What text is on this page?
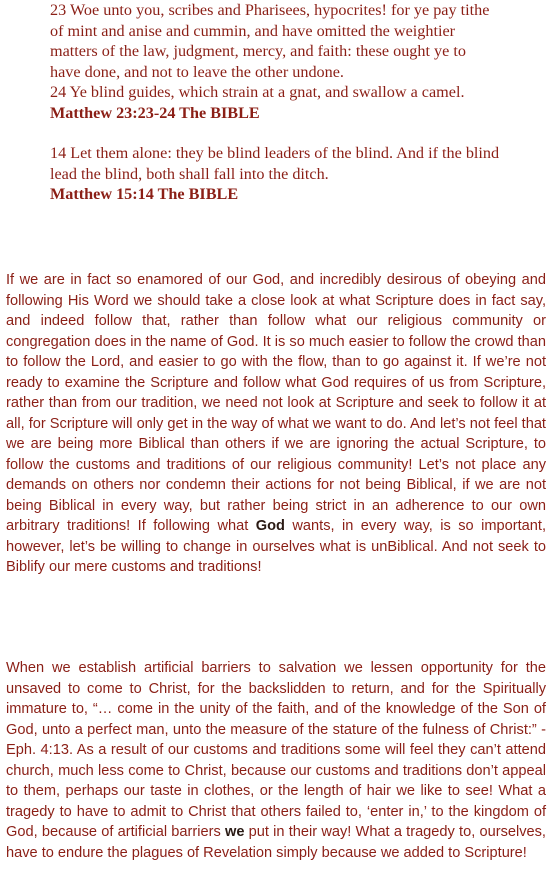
23 Woe unto you, scribes and Pharisees, hypocrites! for ye pay tithe of mint and anise and cummin, and have omitted the weightier matters of the law, judgment, mercy, and faith: these ought ye to have done, and not to leave the other undone.

24 Ye blind guides, which strain at a gnat, and swallow a camel.

Matthew 23:23-24 The BIBLE

14 Let them alone: they be blind leaders of the blind. And if the blind lead the blind, both shall fall into the ditch.

Matthew 15:14 The BIBLE

If we are in fact so enamored of our God, and incredibly desirous of obeying and following His Word we should take a close look at what Scripture does in fact say, and indeed follow that, rather than follow what our religious community or congregation does in the name of God. It is so much easier to follow the crowd than to follow the Lord, and easier to go with the flow, than to go against it. If we’re not ready to examine the Scripture and follow what God requires of us from Scripture, rather than from our tradition, we need not look at Scripture and seek to follow it at all, for Scripture will only get in the way of what we want to do. And let’s not feel that we are being more Biblical than others if we are ignoring the actual Scripture, to follow the customs and traditions of our religious community! Let’s not place any demands on others nor condemn their actions for not being Biblical, if we are not being Biblical in every way, but rather being strict in an adherence to our own arbitrary traditions! If following what God wants, in every way, is so important, however, let’s be willing to change in ourselves what is unBiblical. And not seek to Biblify our mere customs and traditions!

When we establish artificial barriers to salvation we lessen opportunity for the unsaved to come to Christ, for the backslidden to return, and for the Spiritually immature to, “… come in the unity of the faith, and of the knowledge of the Son of God, unto a perfect man, unto the measure of the stature of the fulness of Christ:” - Eph. 4:13. As a result of our customs and traditions some will feel they can’t attend church, much less come to Christ, because our customs and traditions don’t appeal to them, perhaps our taste in clothes, or the length of hair we like to see! What a tragedy to have to admit to Christ that others failed to, ‘enter in,’ to the kingdom of God, because of artificial barriers we put in their way! What a tragedy to, ourselves, have to endure the plagues of Revelation simply because we added to Scripture!
